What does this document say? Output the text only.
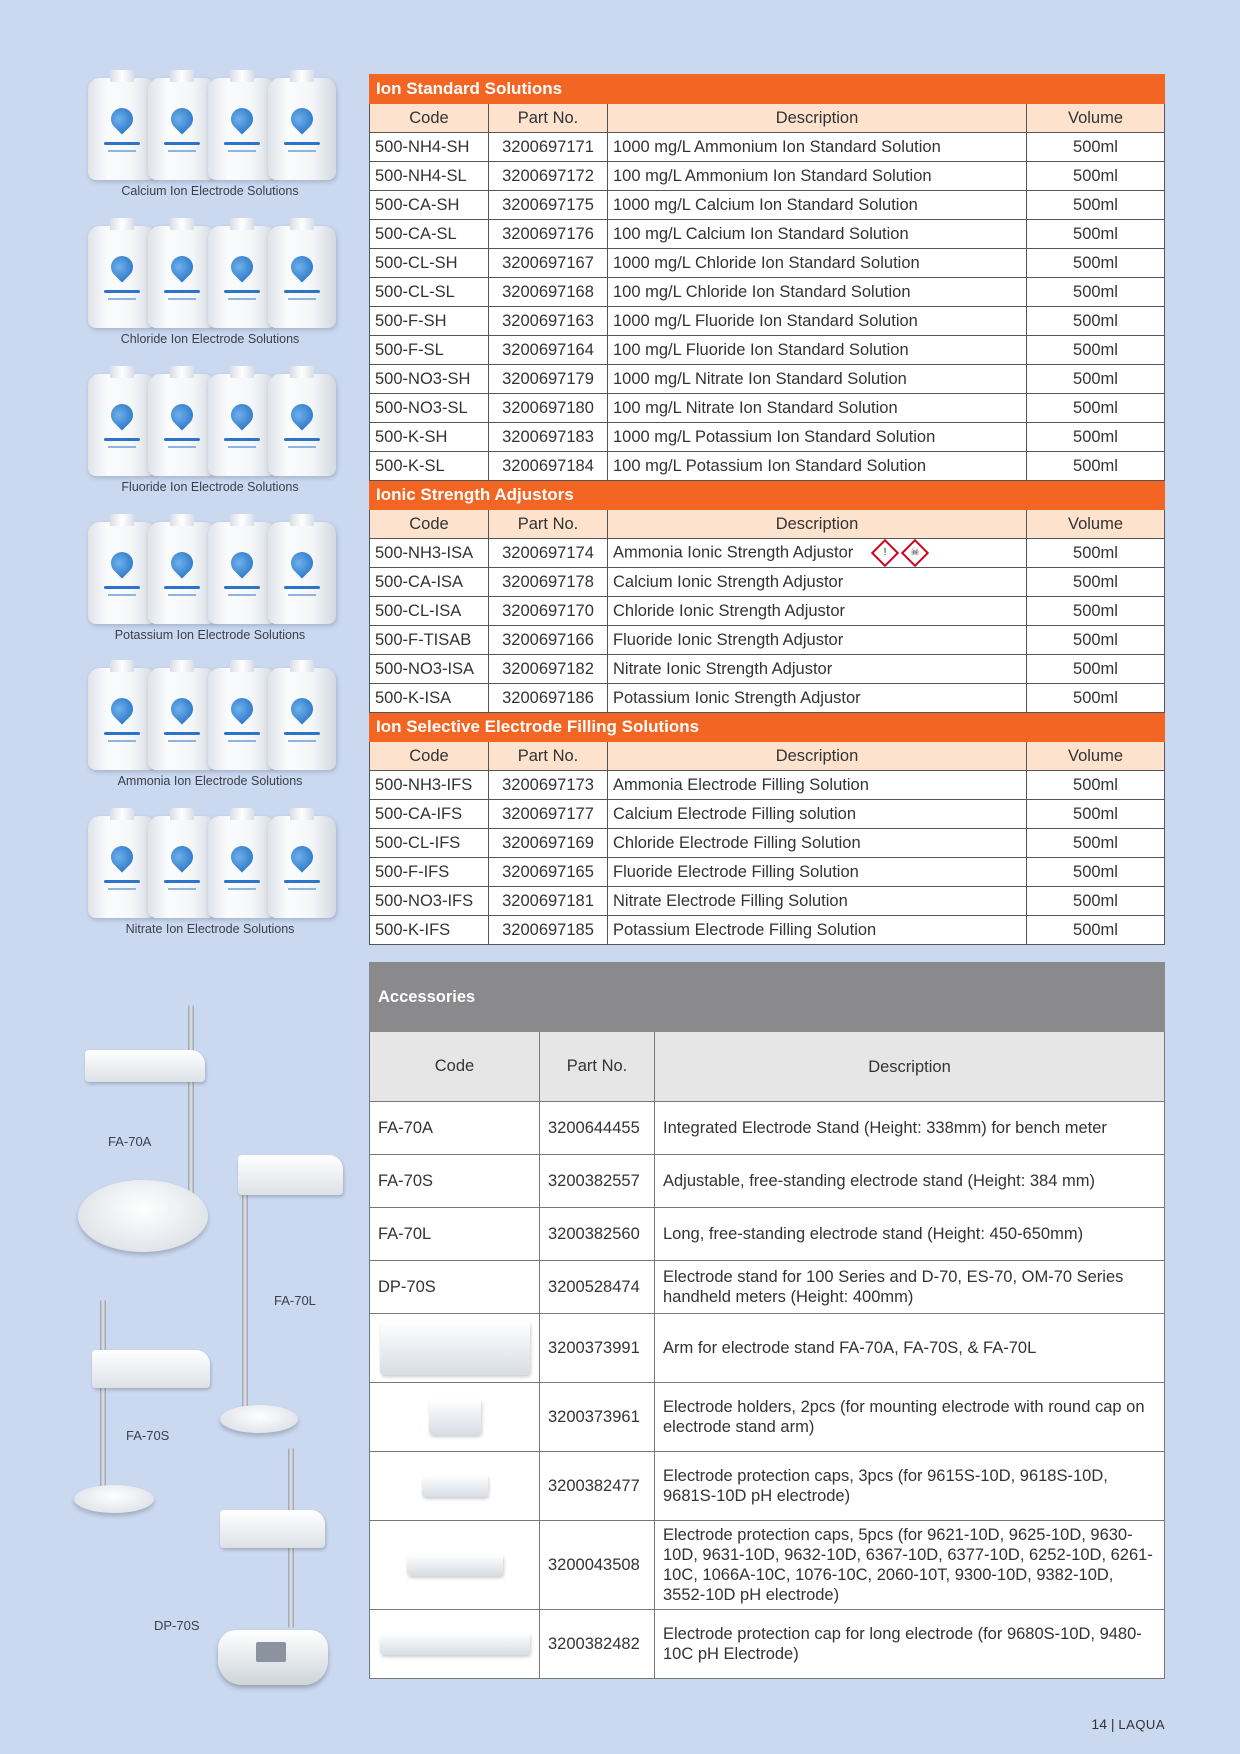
Calcium Ion Electrode Solutions
Chloride Ion Electrode Solutions
Fluoride Ion Electrode Solutions
Potassium Ion Electrode Solutions
Ammonia Ion Electrode Solutions
Nitrate Ion Electrode Solutions
Ion Standard Solutions			
Code	Part No.	Description	Volume
500-NH4-SH	3200697171	1000 mg/L Ammonium Ion Standard Solution	500ml
500-NH4-SL	3200697172	100 mg/L Ammonium Ion Standard Solution	500ml
500-CA-SH	3200697175	1000 mg/L Calcium Ion Standard Solution	500ml
500-CA-SL	3200697176	100 mg/L Calcium Ion Standard Solution	500ml
500-CL-SH	3200697167	1000 mg/L Chloride Ion Standard Solution	500ml
500-CL-SL	3200697168	100 mg/L Chloride Ion Standard Solution	500ml
500-F-SH	3200697163	1000 mg/L Fluoride Ion Standard Solution	500ml
500-F-SL	3200697164	100 mg/L Fluoride Ion Standard Solution	500ml
500-NO3-SH	3200697179	1000 mg/L Nitrate Ion Standard Solution	500ml
500-NO3-SL	3200697180	100 mg/L Nitrate Ion Standard Solution	500ml
500-K-SH	3200697183	1000 mg/L Potassium Ion Standard Solution	500ml
500-K-SL	3200697184	100 mg/L Potassium Ion Standard Solution	500ml
Ionic Strength Adjustors			
Code	Part No.	Description	Volume
500-NH3-ISA	3200697174	Ammonia Ionic Strength Adjustor ! ☠	500ml
500-CA-ISA	3200697178	Calcium Ionic Strength Adjustor	500ml
500-CL-ISA	3200697170	Chloride Ionic Strength Adjustor	500ml
500-F-TISAB	3200697166	Fluoride Ionic Strength Adjustor	500ml
500-NO3-ISA	3200697182	Nitrate Ionic Strength Adjustor	500ml
500-K-ISA	3200697186	Potassium Ionic Strength Adjustor	500ml
Ion Selective Electrode Filling Solutions			
Code	Part No.	Description	Volume
500-NH3-IFS	3200697173	Ammonia Electrode Filling Solution	500ml
500-CA-IFS	3200697177	Calcium Electrode Filling solution	500ml
500-CL-IFS	3200697169	Chloride Electrode Filling Solution	500ml
500-F-IFS	3200697165	Fluoride Electrode Filling Solution	500ml
500-NO3-IFS	3200697181	Nitrate Electrode Filling Solution	500ml
500-K-IFS	3200697185	Potassium Electrode Filling Solution	500ml
FA-70A
FA-70L
FA-70S
DP-70S
Accessories		
Code	Part No.	Description
FA-70A	3200644455	Integrated Electrode Stand (Height: 338mm) for bench meter
FA-70S	3200382557	Adjustable, free-standing electrode stand (Height: 384 mm)
FA-70L	3200382560	Long, free-standing electrode stand (Height: 450-650mm)
DP-70S	3200528474	Electrode stand for 100 Series and D-70, ES-70, OM-70 Series handheld meters (Height: 400mm)

	3200373991	Arm for electrode stand FA-70A, FA-70S, & FA-70L

	3200373961	Electrode holders, 2pcs (for mounting electrode with round cap on electrode stand arm)

	3200382477	Electrode protection caps, 3pcs (for 9615S-10D, 9618S-10D, 9681S-10D pH electrode)

	3200043508	Electrode protection caps, 5pcs (for 9621-10D, 9625-10D, 9630-10D, 9631-10D, 9632-10D, 6367-10D, 6377-10D, 6252-10D, 6261-10C, 1066A-10C, 1076-10C, 2060-10T, 9300-10D, 9382-10D, 3552-10D pH electrode)

	3200382482	Electrode protection cap for long electrode (for 9680S-10D, 9480-10C pH Electrode)
14 | LAQUA
